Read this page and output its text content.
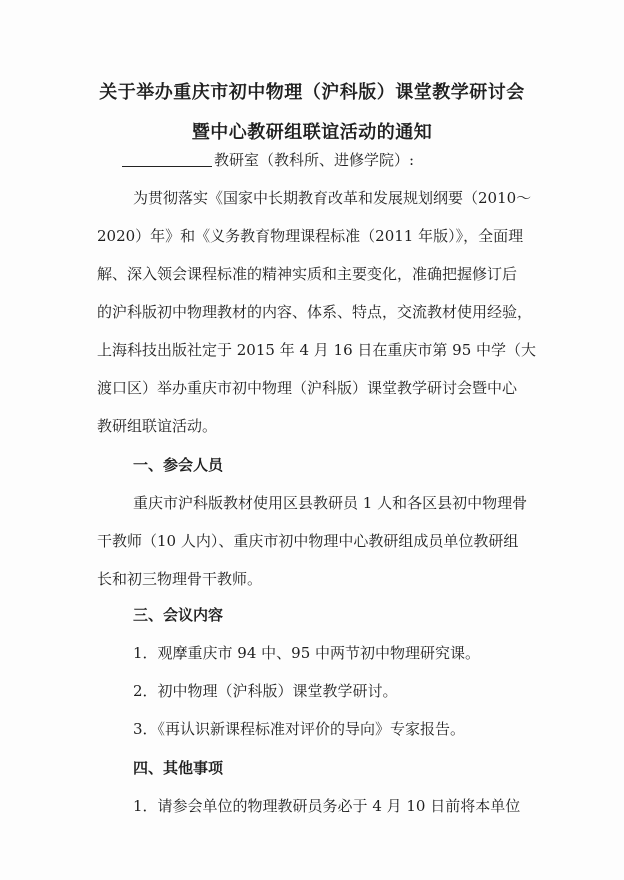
关于举办重庆市初中物理（沪科版）课堂教学研讨会
暨中心教研组联谊活动的通知
教研室（教科所、进修学院）:
为贯彻落实《国家中长期教育改革和发展规划纲要（2010～
2020）年》和《义务教育物理课程标准（2011 年版）》，全面理
解、深入领会课程标准的精神实质和主要变化，准确把握修订后
的沪科版初中物理教材的内容、体系、特点，交流教材使用经验，
上海科技出版社定于 2015 年 4 月 16 日在重庆市第 95 中学（大
渡口区）举办重庆市初中物理（沪科版）课堂教学研讨会暨中心
教研组联谊活动。
一、参会人员
重庆市沪科版教材使用区县教研员 1 人和各区县初中物理骨
干教师（10 人内）、重庆市初中物理中心教研组成员单位教研组
长和初三物理骨干教师。
三、会议内容
1．观摩重庆市 94 中、95 中两节初中物理研究课。
2．初中物理（沪科版）课堂教学研讨。
3．《再认识新课程标准对评价的导向》专家报告。
四、其他事项
1．请参会单位的物理教研员务必于 4 月 10 日前将本单位
